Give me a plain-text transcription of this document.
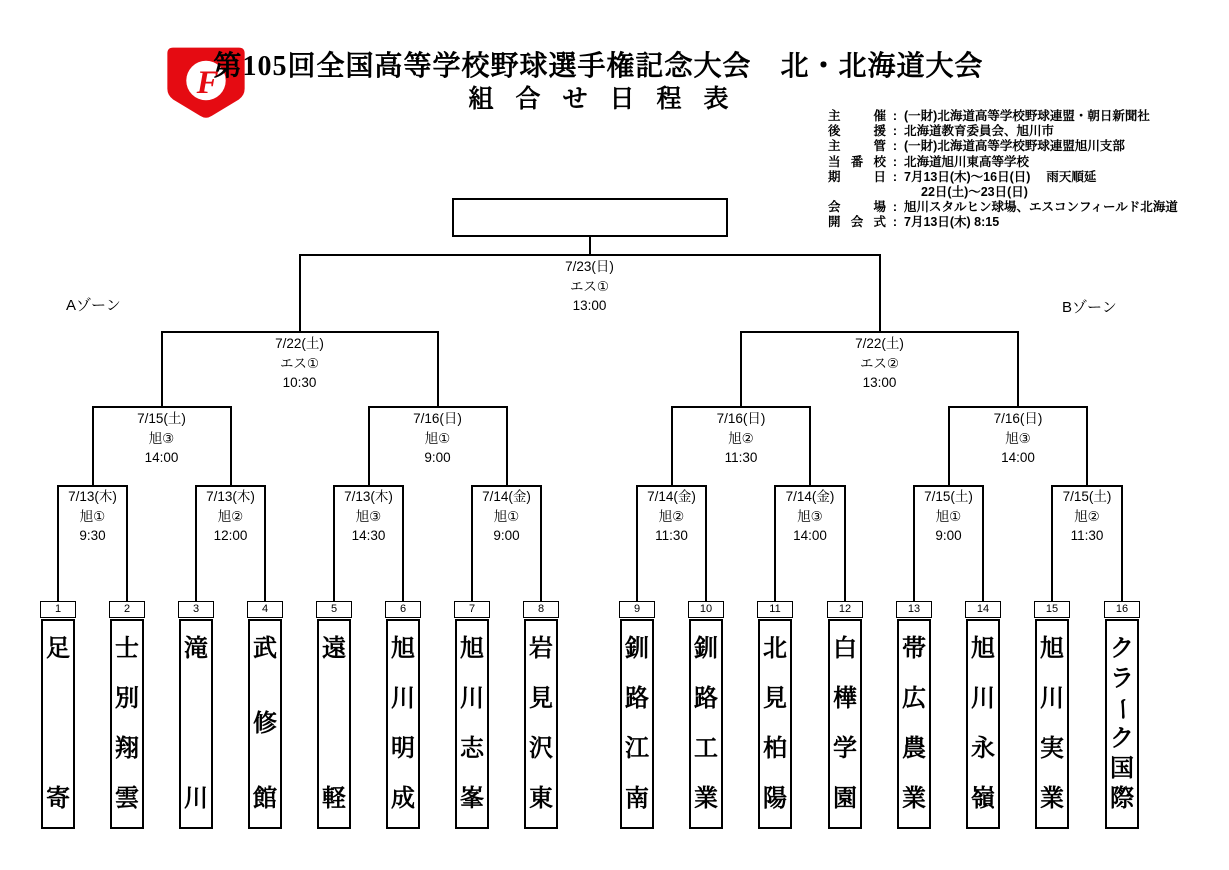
F
第105回全国高等学校野球選手権記念大会　北・北海道大会
組合せ日程表
主	催 : (一財)北海道高等学校野球連盟・朝日新聞社
後	援 : 北海道教育委員会、旭川市
主	管 : (一財)北海道高等学校野球連盟旭川支部
当 番 校 : 北海道旭川東高等学校
期	日 : 7月13日(木)～16日(日)　 雨天順延
22日(土)～23日(日)
会	場 : 旭川スタルヒン球場、エスコンフィールド北海道
開 会 式 : 7月13日(木) 8:15
Aゾーン	Bゾーン
7/23(日)
エス①
13:00
7/22(土)
エス①
10:30
7/22(土)
エス②
13:00
7/15(土)
旭③
14:00
7/16(日)
旭①
9:00
7/16(日)
旭②
11:30
7/16(日)
旭③
14:00
7/13(木)
旭①
9:30
7/13(木)
旭②
12:00
7/13(木)
旭③
14:30
7/14(金)
旭①
9:00
7/14(金)
旭②
11:30
7/14(金)
旭③
14:00
7/15(土)
旭①
9:00
7/15(土)
旭②
11:30
1
足
寄
2
士
別
翔
雲
3
滝
川
4
武
修
館
5
遠
軽
6
旭
川
明
成
7
旭
川
志
峯
8
岩
見
沢
東
9
釧
路
江
南
10
釧
路
工
業
11
北
見
柏
陽
12
白
樺
学
園
13
帯
広
農
業
14
旭
川
永
嶺
15
旭
川
実
業
16
ク
ラ
ー
ク
国
際
